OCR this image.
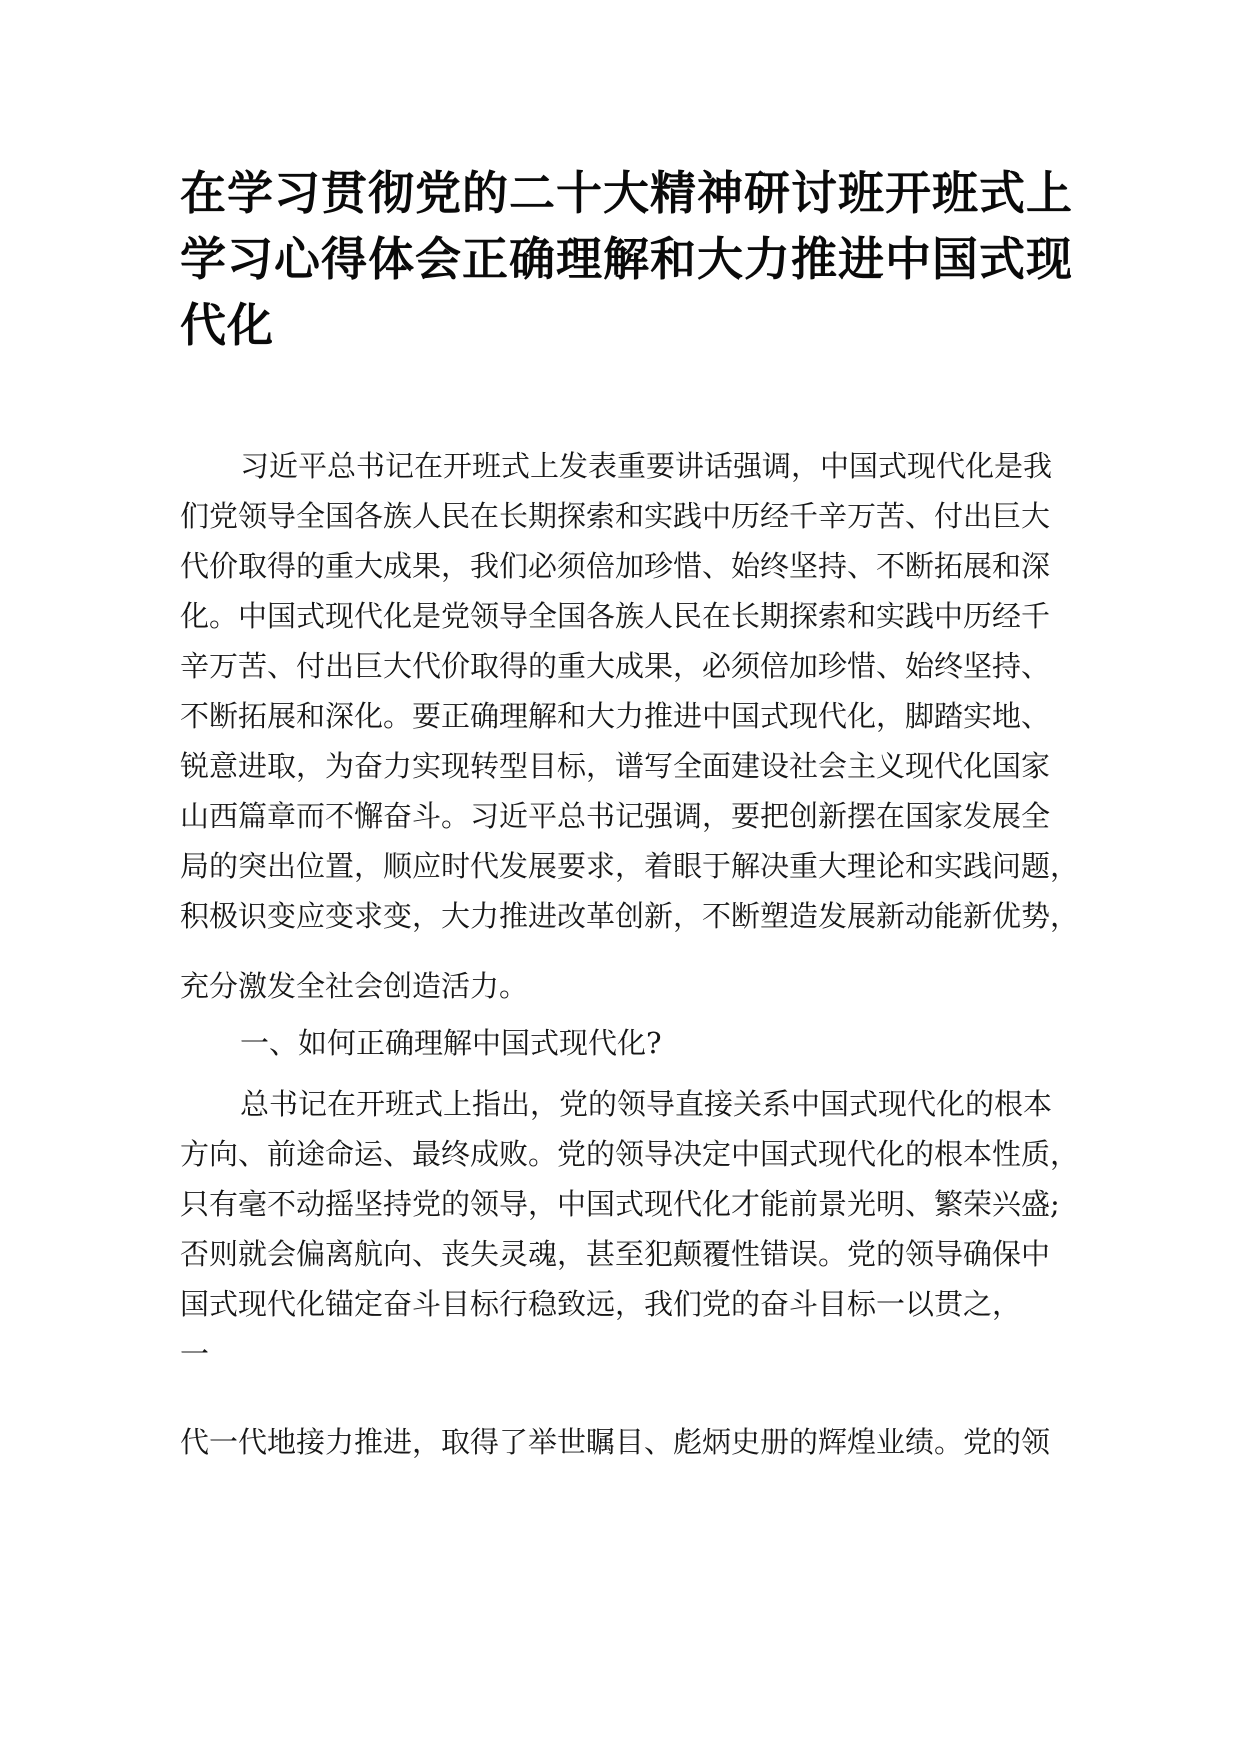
在学习贯彻党的二十大精神研讨班开班式上学习心得体会正确理解和大力推进中国式现代化

习近平总书记在开班式上发表重要讲话强调，中国式现代化是我

们党领导全国各族人民在长期探索和实践中历经千辛万苦、付出巨大

代价取得的重大成果，我们必须倍加珍惜、始终坚持、不断拓展和深

化。中国式现代化是党领导全国各族人民在长期探索和实践中历经千

辛万苦、付出巨大代价取得的重大成果，必须倍加珍惜、始终坚持、

不断拓展和深化。要正确理解和大力推进中国式现代化，脚踏实地、

锐意进取，为奋力实现转型目标，谱写全面建设社会主义现代化国家

山西篇章而不懈奋斗。习近平总书记强调，要把创新摆在国家发展全

局的突出位置，顺应时代发展要求，着眼于解决重大理论和实践问题，

积极识变应变求变，大力推进改革创新，不断塑造发展新动能新优势，

充分激发全社会创造活力。

一、如何正确理解中国式现代化?

总书记在开班式上指出，党的领导直接关系中国式现代化的根本

方向、前途命运、最终成败。党的领导决定中国式现代化的根本性质，

只有毫不动摇坚持党的领导，中国式现代化才能前景光明、繁荣兴盛;

否则就会偏离航向、丧失灵魂，甚至犯颠覆性错误。党的领导确保中

国式现代化锚定奋斗目标行稳致远，我们党的奋斗目标一以贯之，

一

代一代地接力推进，取得了举世瞩目、彪炳史册的辉煌业绩。党的领
